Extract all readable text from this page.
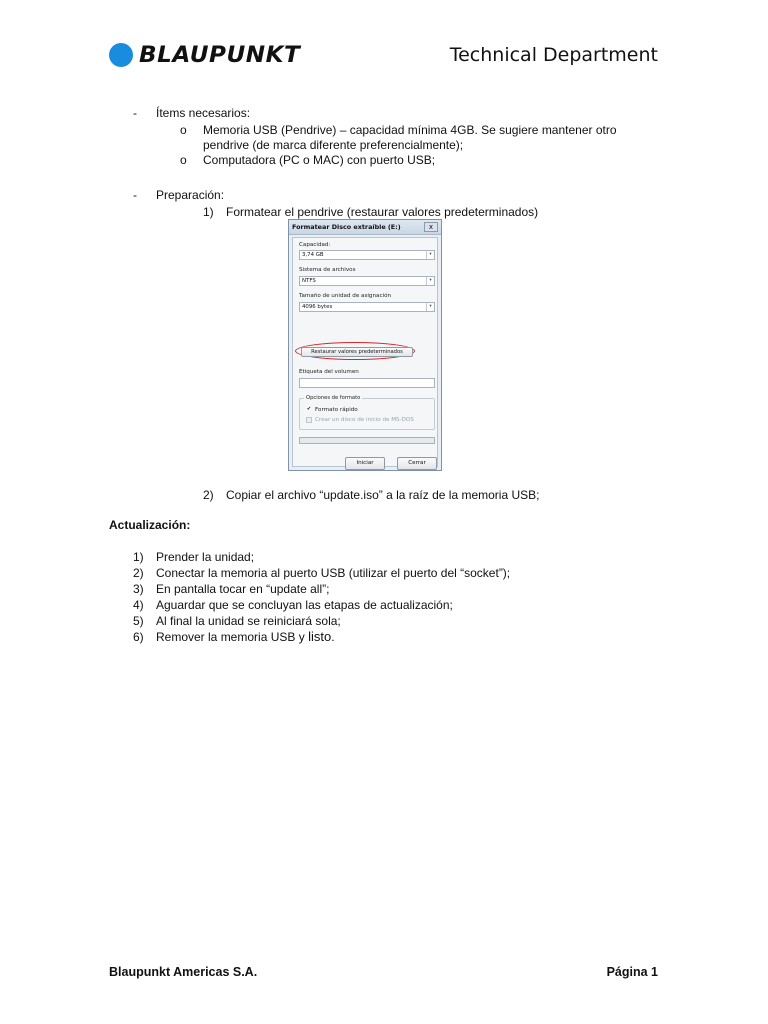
BLAUPUNKT	Technical Department
- Ítems necesarios:
o Memoria USB (Pendrive) – capacidad mínima 4GB. Se sugiere mantener otro
pendrive (de marca diferente preferencialmente);
o Computadora (PC o MAC) con puerto USB;
- Preparación:
1) Formatear el pendrive (restaurar valores predeterminados)
2) Copiar el archivo “update.iso” a la raíz de la memoria USB;
Actualización:
1) Prender la unidad;
2) Conectar la memoria al puerto USB (utilizar el puerto del “socket”);
3) En pantalla tocar en “update all”;
4) Aguardar que se concluyan las etapas de actualización;
5) Al final la unidad se reiniciará sola;
6) Remover la memoria USB y listo.
Formatear Disco extraíble (E:)	x
Capacidad:
3,74 GB	▾
Sistema de archivos
NTFS	▾
Tamaño de unidad de asignación
4096 bytes	▾
Restaurar valores predeterminados
Etiqueta del volumen
Opciones de formato
✔ Formato rápido
Crear un disco de inicio de MS-DOS
Iniciar	Cerrar
Blaupunkt Americas S.A.	Página 1
